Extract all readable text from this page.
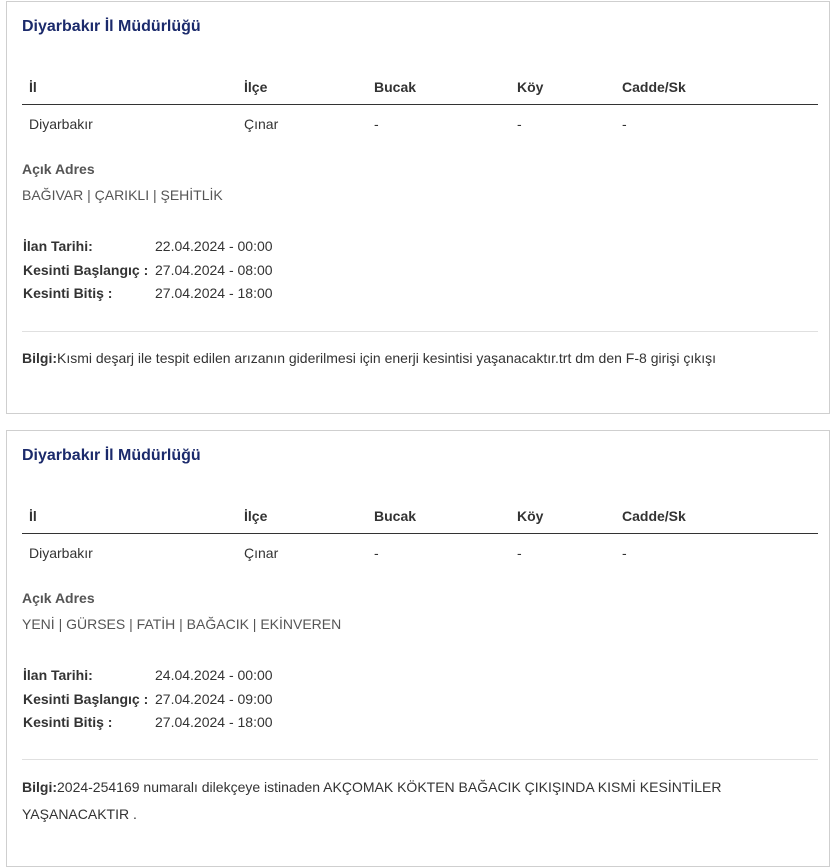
Diyarbakır İl Müdürlüğü
İl	İlçe	Bucak	Köy	Cadde/Sk
Diyarbakır	Çınar	-	-	-
Açık Adres
BAĞIVAR | ÇARIKLI | ŞEHİTLİK
İlan Tarihi:	22.04.2024 - 00:00
Kesinti Başlangıç : 27.04.2024 - 08:00
Kesinti Bitiş :	27.04.2024 - 18:00
Bilgi:Kısmi deşarj ile tespit edilen arızanın giderilmesi için enerji kesintisi yaşanacaktır.trt dm den F-8 girişi çıkışı
Diyarbakır İl Müdürlüğü
İl	İlçe	Bucak	Köy	Cadde/Sk
Diyarbakır	Çınar	-	-	-
Açık Adres
YENİ | GÜRSES | FATİH | BAĞACIK | EKİNVEREN
İlan Tarihi:	24.04.2024 - 00:00
Kesinti Başlangıç : 27.04.2024 - 09:00
Kesinti Bitiş :	27.04.2024 - 18:00
Bilgi:2024-254169 numaralı dilekçeye istinaden AKÇOMAK KÖKTEN BAĞACIK ÇIKIŞINDA KISMİ KESİNTİLER YAŞANACAKTIR .
